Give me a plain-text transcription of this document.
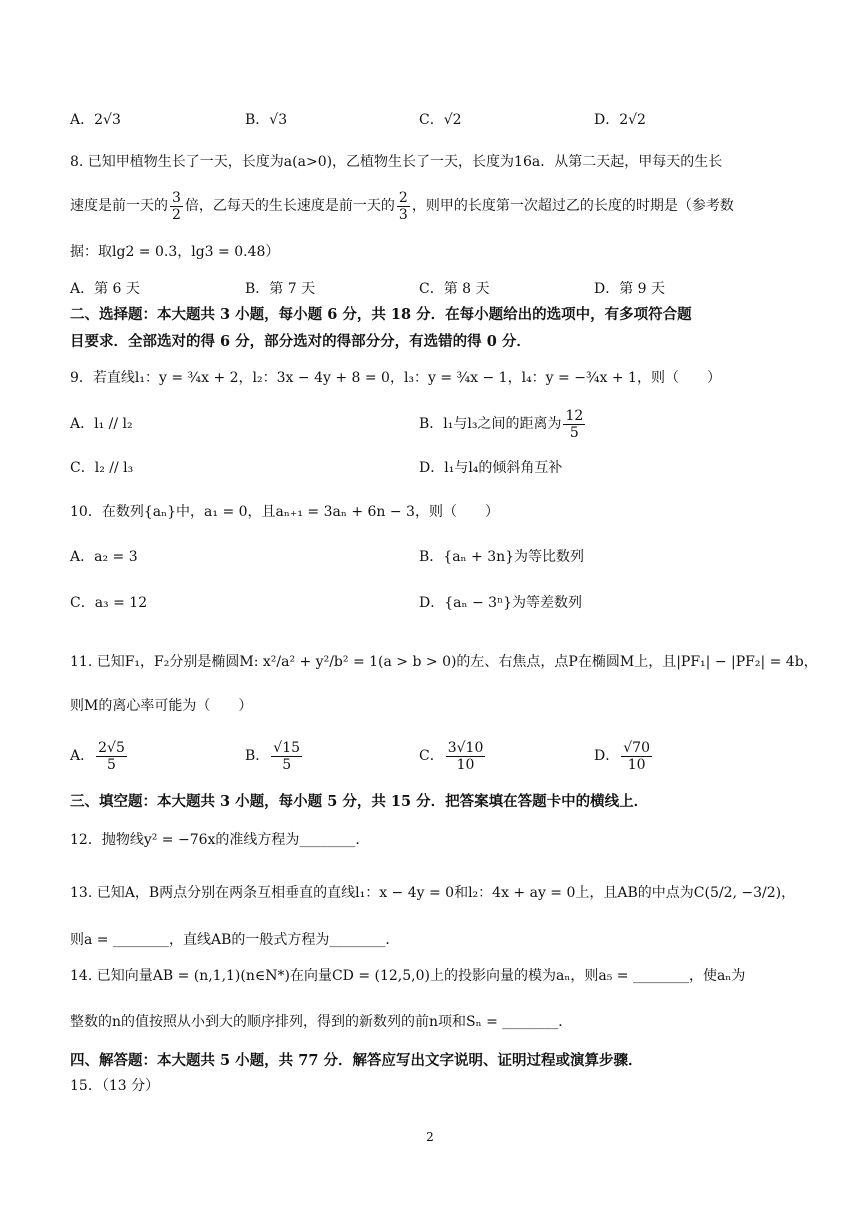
A．2√3	B．√3	C．√2	D．2√2
8. 已知甲植物生长了一天，长度为a(a>0)，乙植物生长了一天，长度为16a．从第二天起，甲每天的生长
速度是前一天的 $\frac{3}{2}$ 倍，乙每天的生长速度是前一天的 $\frac{2}{3}$ ，则甲的长度第一次超过乙的长度的时期是（参考数
据：取lg2 = 0.3，lg3 = 0.48）
A．第 6 天	B．第 7 天	C．第 8 天	D．第 9 天
二、选择题：本大题共 3 小题，每小题 6 分，共 18 分．在每小题给出的选项中，有多项符合题
目要求．全部选对的得 6 分，部分选对的得部分分，有选错的得 0 分．
9．若直线l₁：y = ¾x + 2，l₂：3x − 4y + 8 = 0，l₃：y = ¾x − 1，l₄：y = −¾x + 1，则（　　）
A．l₁ // l₂	B．l₁与l₃之间的距离为 $\frac{12}{5}$
C．l₂ // l₃	D．l₁与l₄的倾斜角互补
10．在数列{aₙ}中，a₁ = 0，且aₙ₊₁ = 3aₙ + 6n − 3，则（　　）
A．a₂ = 3	B．{aₙ + 3n}为等比数列
C．a₃ = 12	D．{aₙ − 3ⁿ}为等差数列
11. 已知F₁，F₂分别是椭圆M: x²/a² + y²/b² = 1(a > b > 0)的左、右焦点，点P在椭圆M上，且|PF₁| − |PF₂| = 4b，
则M的离心率可能为（　　）
A． $\frac{2√5}{5}$	B． $\frac{√15}{5}$	C． $\frac{3√10}{10}$	D． $\frac{√70}{10}$
三、填空题：本大题共 3 小题，每小题 5 分，共 15 分．把答案填在答题卡中的横线上．
12．抛物线y² = −76x的准线方程为________．
13. 已知A，B两点分别在两条互相垂直的直线l₁：x − 4y = 0和l₂：4x + ay = 0上，且AB的中点为C(5/2, −3/2)，
则a = ________，直线AB的一般式方程为________．
14. 已知向量AB = (n,1,1)(n∈N*)在向量CD = (12,5,0)上的投影向量的模为aₙ，则a₅ = ________，使aₙ为
整数的n的值按照从小到大的顺序排列，得到的新数列的前n项和Sₙ = ________．
四、解答题：本大题共 5 小题，共 77 分．解答应写出文字说明、证明过程或演算步骤．
15．（13 分）
2
